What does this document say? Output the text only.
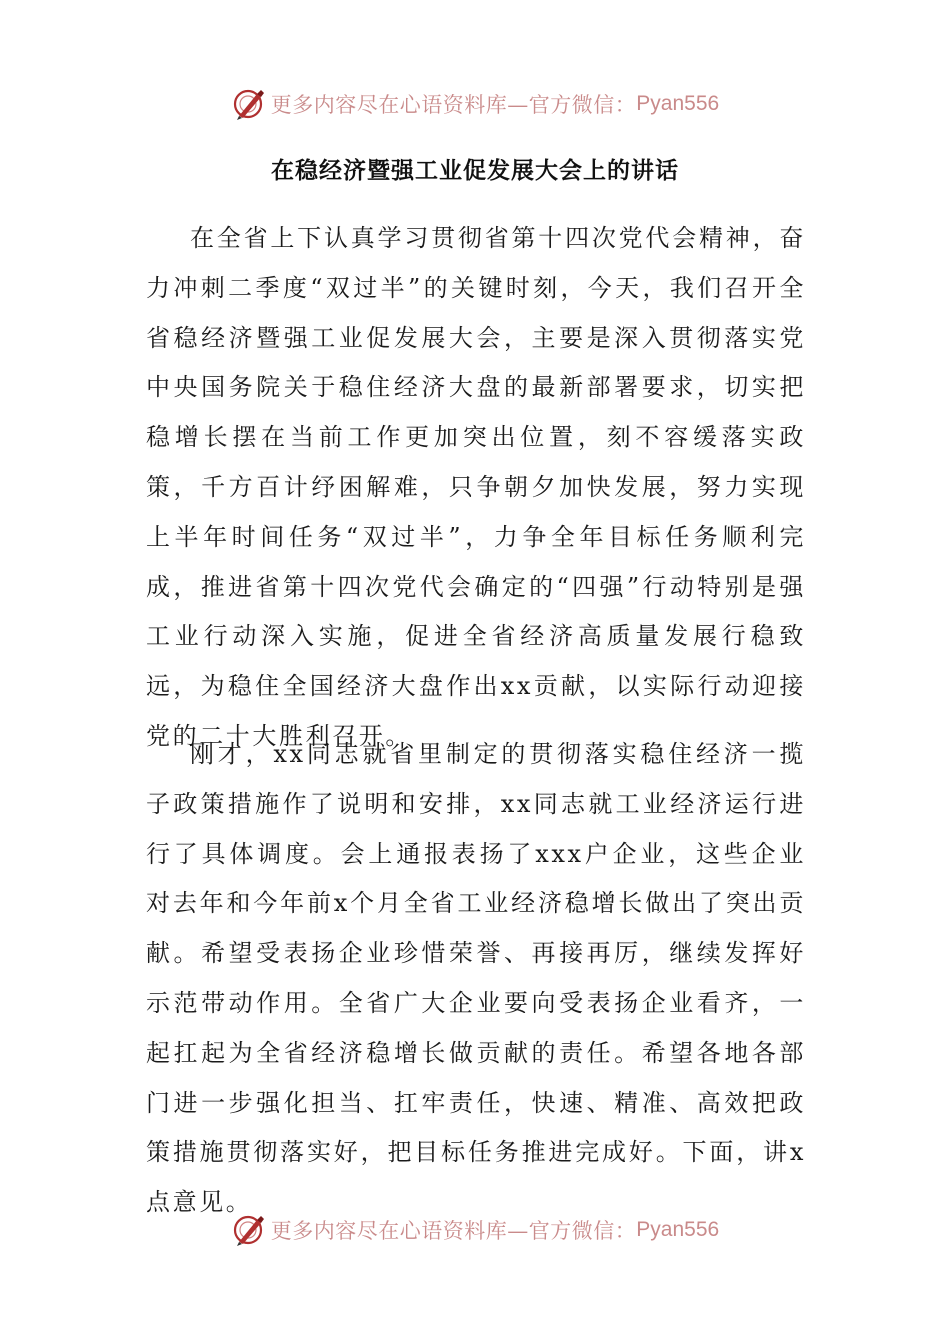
更多内容尽在心语资料库—官方微信： Pyan556
在稳经济暨强工业促发展大会上的讲话

在全省上下认真学习贯彻省第十四次党代会精神，奋力冲刺二季度“双过半”的关键时刻，今天，我们召开全省稳经济暨强工业促发展大会，主要是深入贯彻落实党中央国务院关于稳住经济大盘的最新部署要求，切实把稳增长摆在当前工作更加突出位置，刻不容缓落实政策，千方百计纾困解难，只争朝夕加快发展，努力实现上半年时间任务“双过半”，力争全年目标任务顺利完成，推进省第十四次党代会确定的“四强”行动特别是强工业行动深入实施，促进全省经济高质量发展行稳致远，为稳住全国经济大盘作出xx贡献，以实际行动迎接党的二十大胜利召开。

刚才，xx同志就省里制定的贯彻落实稳住经济一揽子政策措施作了说明和安排，xx同志就工业经济运行进行了具体调度。会上通报表扬了xxx户企业，这些企业对去年和今年前x个月全省工业经济稳增长做出了突出贡献。希望受表扬企业珍惜荣誉、再接再厉，继续发挥好示范带动作用。全省广大企业要向受表扬企业看齐，一起扛起为全省经济稳增长做贡献的责任。希望各地各部门进一步强化担当、扛牢责任，快速、精准、高效把政策措施贯彻落实好，把目标任务推进完成好。下面，讲x点意见。

更多内容尽在心语资料库—官方微信： Pyan556
